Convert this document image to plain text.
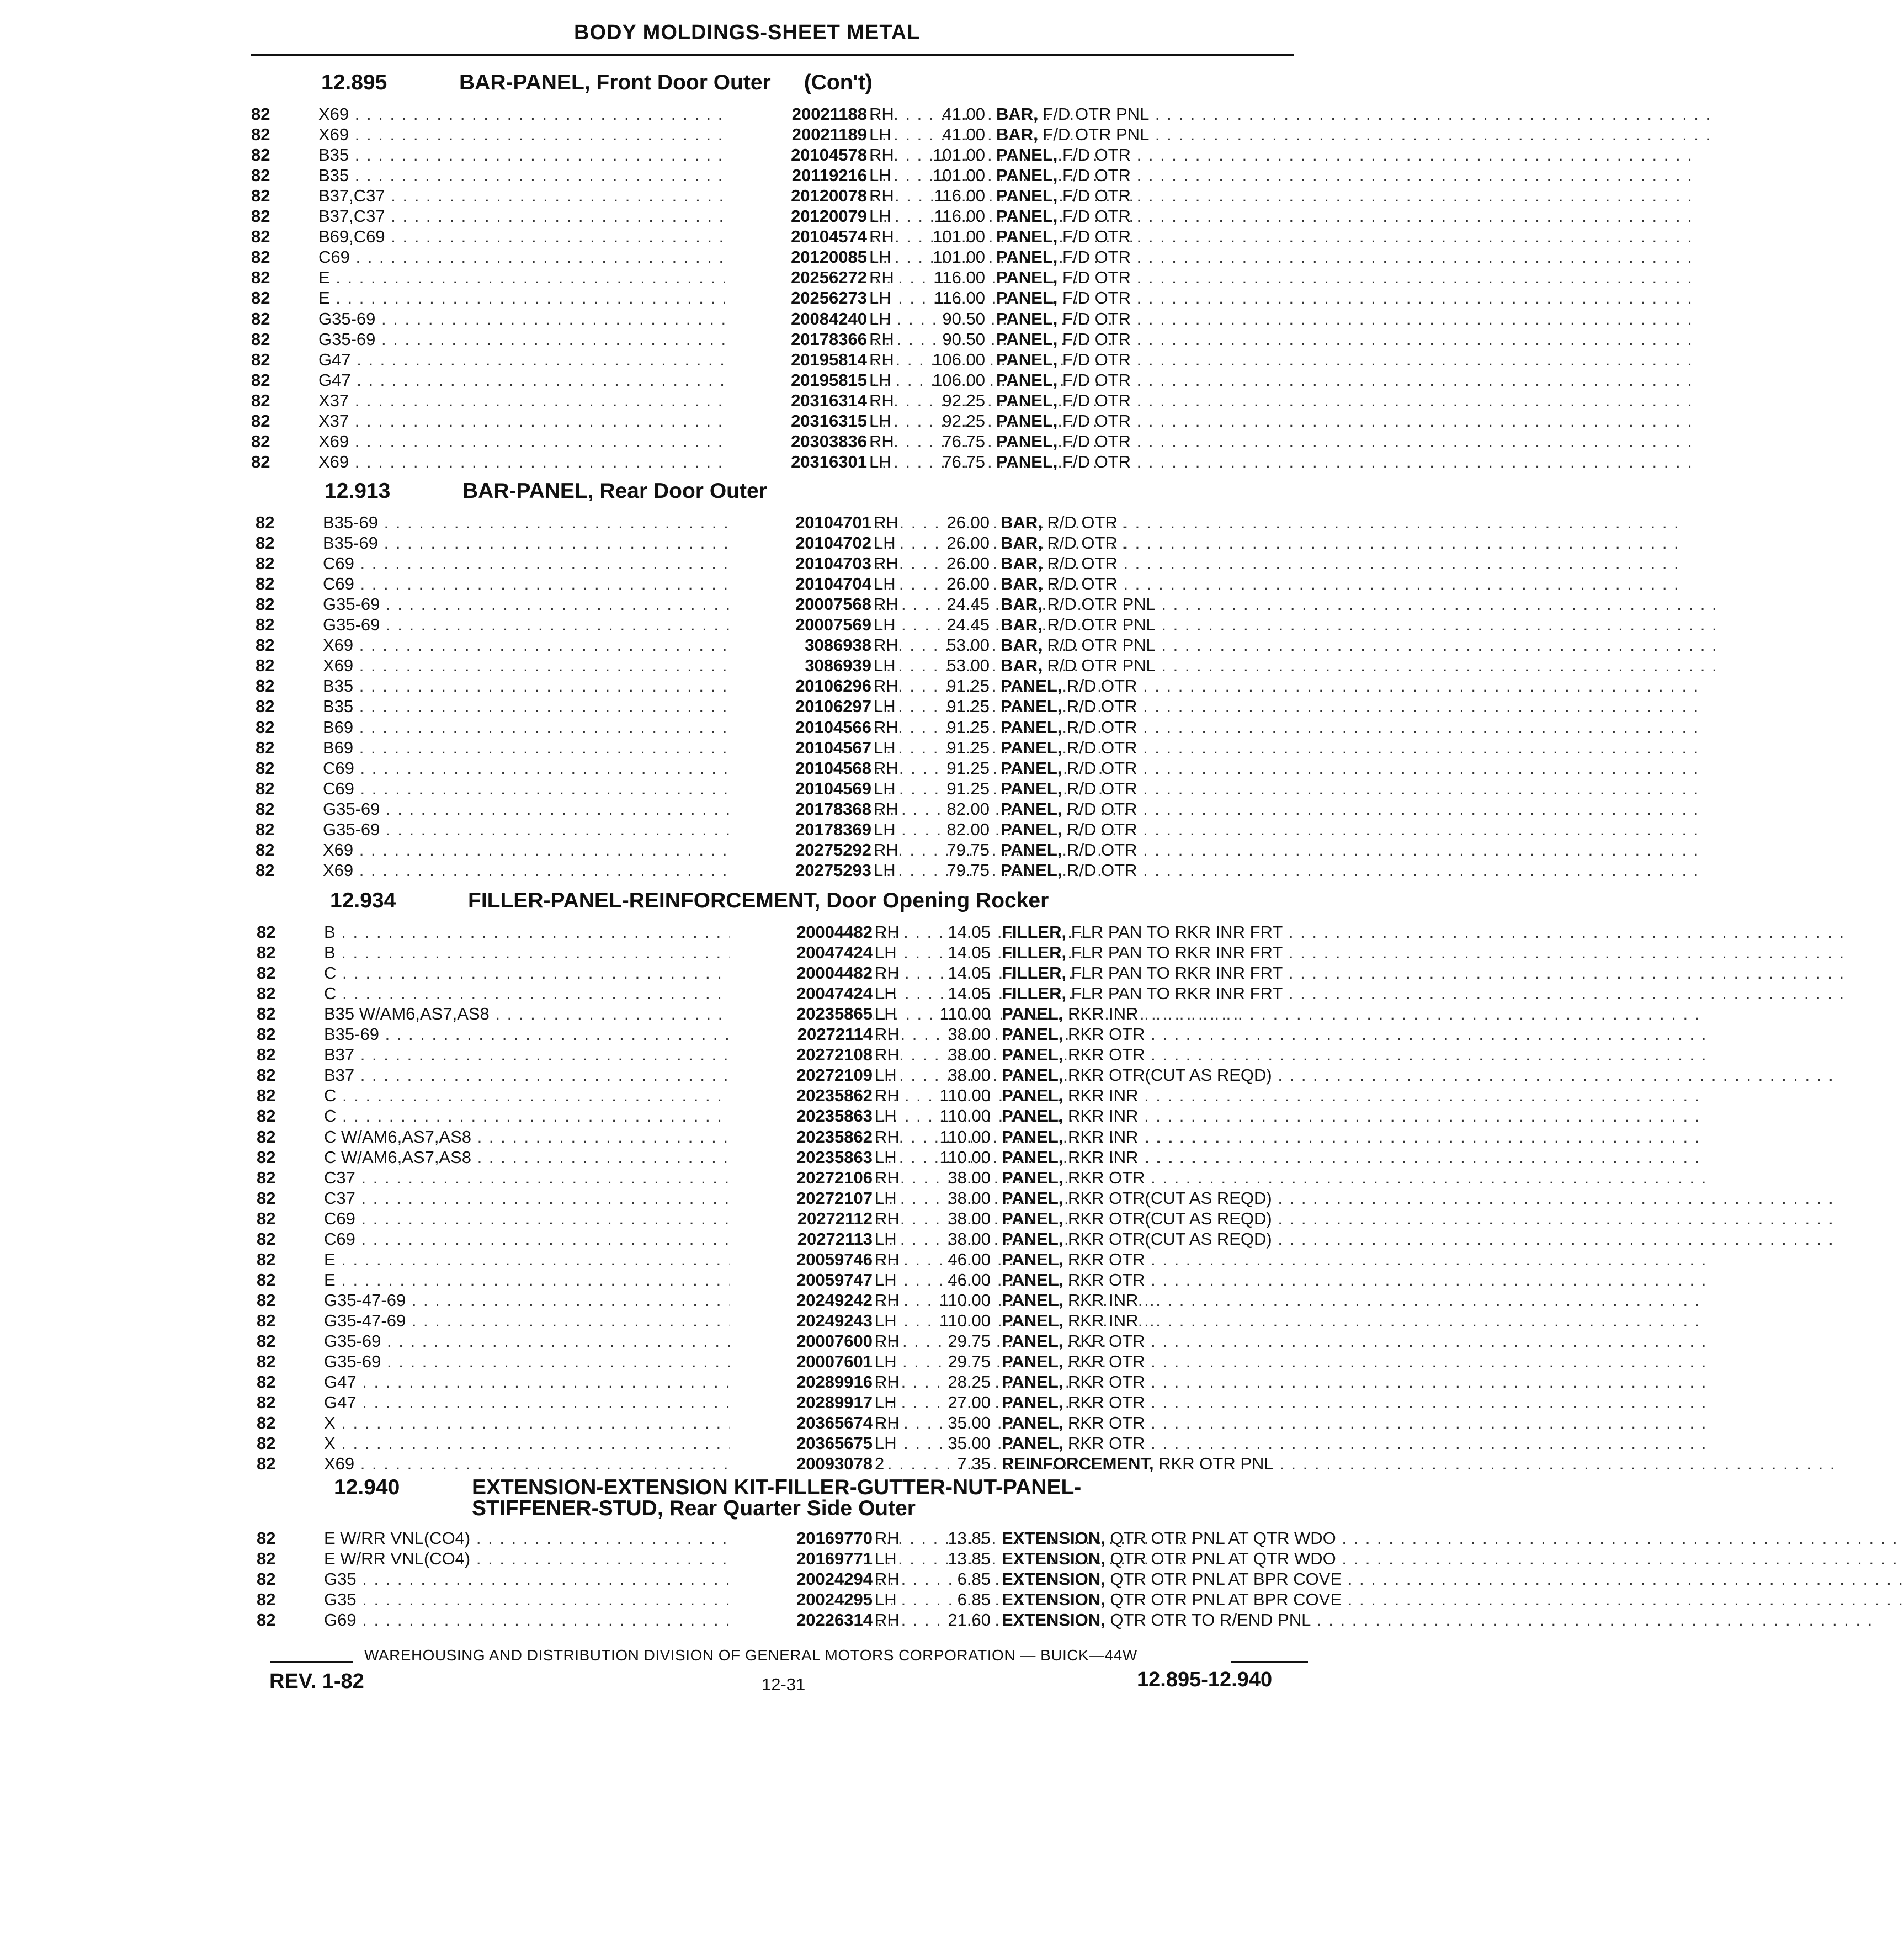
BODY MOLDINGS-SHEET METAL
12.895	BAR-PANEL, Front Door Outer (Con't)
82	X69 . . .	20021188 RH	41.00 BAR, F/D OTR PNL . . .
82	X69 . . .	20021189 LH	41.00 BAR, F/D OTR PNL . . .
82	B35 . . .	20104578 RH	101.00 PANEL, F/D OTR . . .
82	B35 . . .	20119216 LH	101.00 PANEL, F/D OTR . . .
82	B37,C37 . . .	20120078 RH	116.00 PANEL, F/D OTR . . .
82	B37,C37 . . .	20120079 LH	116.00 PANEL, F/D OTR . . .
82	B69,C69 . . .	20104574 RH	101.00 PANEL, F/D OTR . . .
82	C69 . . .	20120085 LH	101.00 PANEL, F/D OTR . . .
82	E . . .	20256272 RH	116.00 PANEL, F/D OTR . . .
82	E . . .	20256273 LH	116.00 PANEL, F/D OTR . . .
82	G35-69 . . .	20084240 LH	90.50 PANEL, F/D OTR . . .
82	G35-69 . . .	20178366 RH	90.50 PANEL, F/D OTR . . .
82	G47 . . .	20195814 RH	106.00 PANEL, F/D OTR . . .
82	G47 . . .	20195815 LH	106.00 PANEL, F/D OTR . . .
82	X37 . . .	20316314 RH	92.25 PANEL, F/D OTR . . .
82	X37 . . .	20316315 LH	92.25 PANEL, F/D OTR . . .
82	X69 . . .	20303836 RH	76.75 PANEL, F/D OTR . . .
82	X69 . . .	20316301 LH	76.75 PANEL, F/D OTR . . .
12.913	BAR-PANEL, Rear Door Outer
82	B35-69 . . .	20104701 RH	26.00 BAR, R/D OTR . . .
82	B35-69 . . .	20104702 LH	26.00 BAR, R/D OTR . . .
82	C69 . . .	20104703 RH	26.00 BAR, R/D OTR . . .
82	C69 . . .	20104704 LH	26.00 BAR, R/D OTR . . .
82	G35-69 . . .	20007568 RH	24.45 BAR, R/D OTR PNL . . .
82	G35-69 . . .	20007569 LH	24.45 BAR, R/D OTR PNL . . .
82	X69 . . .	3086938 RH	53.00 BAR, R/D OTR PNL . . .
82	X69 . . .	3086939 LH	53.00 BAR, R/D OTR PNL . . .
82	B35 . . .	20106296 RH	91.25 PANEL, R/D OTR . . .
82	B35 . . .	20106297 LH	91.25 PANEL, R/D OTR . . .
82	B69 . . .	20104566 RH	91.25 PANEL, R/D OTR . . .
82	B69 . . .	20104567 LH	91.25 PANEL, R/D OTR . . .
82	C69 . . .	20104568 RH	91.25 PANEL, R/D OTR . . .
82	C69 . . .	20104569 LH	91.25 PANEL, R/D OTR . . .
82	G35-69 . . .	20178368 RH	82.00 PANEL, R/D OTR . . .
82	G35-69 . . .	20178369 LH	82.00 PANEL, R/D OTR . . .
82	X69 . . .	20275292 RH	79.75 PANEL, R/D OTR . . .
82	X69 . . .	20275293 LH	79.75 PANEL, R/D OTR . . .
12.934	FILLER-PANEL-REINFORCEMENT, Door Opening Rocker
82	B . . .	20004482 RH	14.05 FILLER, FLR PAN TO RKR INR FRT . . .
82	B . . .	20047424 LH	14.05 FILLER, FLR PAN TO RKR INR FRT . . .
82	C . . .	20004482 RH	14.05 FILLER, FLR PAN TO RKR INR FRT . . .
82	C . . .	20047424 LH	14.05 FILLER, FLR PAN TO RKR INR FRT . . .
82	B35 W/AM6,AS7,AS8 . . .	20235865 LH	110.00 PANEL, RKR INR . . .
82	B35-69 . . .	20272114 RH	38.00 PANEL, RKR OTR . . .
82	B37 . . .	20272108 RH	38.00 PANEL, RKR OTR . . .
82	B37 . . .	20272109 LH	38.00 PANEL, RKR OTR(CUT AS REQD) . . .
82	C . . .	20235862 RH	110.00 PANEL, RKR INR . . .
82	C . . .	20235863 LH	110.00 PANEL, RKR INR . . .
82	C W/AM6,AS7,AS8 . . .	20235862 RH	110.00 PANEL, RKR INR . . .
82	C W/AM6,AS7,AS8 . . .	20235863 LH	110.00 PANEL, RKR INR . . .
82	C37 . . .	20272106 RH	38.00 PANEL, RKR OTR . . .
82	C37 . . .	20272107 LH	38.00 PANEL, RKR OTR(CUT AS REQD) . . .
82	C69 . . .	20272112 RH	38.00 PANEL, RKR OTR(CUT AS REQD) . . .
82	C69 . . .	20272113 LH	38.00 PANEL, RKR OTR(CUT AS REQD) . . .
82	E . . .	20059746 RH	46.00 PANEL, RKR OTR . . .
82	E . . .	20059747 LH	46.00 PANEL, RKR OTR . . .
82	G35-47-69 . . .	20249242 RH	110.00 PANEL, RKR INR . . .
82	G35-47-69 . . .	20249243 LH	110.00 PANEL, RKR INR . . .
82	G35-69 . . .	20007600 RH	29.75 PANEL, RKR OTR . . .
82	G35-69 . . .	20007601 LH	29.75 PANEL, RKR OTR . . .
82	G47 . . .	20289916 RH	28.25 PANEL, RKR OTR . . .
82	G47 . . .	20289917 LH	27.00 PANEL, RKR OTR . . .
82	X . . .	20365674 RH	35.00 PANEL, RKR OTR . . .
82	X . . .	20365675 LH	35.00 PANEL, RKR OTR . . .
82	X69 . . .	20093078 2	7.35 REINFORCEMENT, RKR OTR PNL . . .
12.940	EXTENSION-EXTENSION KIT-FILLER-GUTTER-NUT-PANEL-
STIFFENER-STUD, Rear Quarter Side Outer
82	E W/RR VNL(CO4) . . .	20169770 RH	13.85 EXTENSION, QTR OTR PNL AT QTR WDO . . .
82	E W/RR VNL(CO4) . . .	20169771 LH	13.85 EXTENSION, QTR OTR PNL AT QTR WDO . . .
82	G35 . . .	20024294 RH	6.85 EXTENSION, QTR OTR PNL AT BPR COVE . . .
82	G35 . . .	20024295 LH	6.85 EXTENSION, QTR OTR PNL AT BPR COVE . . .
82	G69 . . .	20226314 RH	21.60 EXTENSION, QTR OTR TO R/END PNL . . .
WAREHOUSING AND DISTRIBUTION DIVISION OF GENERAL MOTORS CORPORATION — BUICK—44W
REV. 1-82	12-31	12.895-12.940
